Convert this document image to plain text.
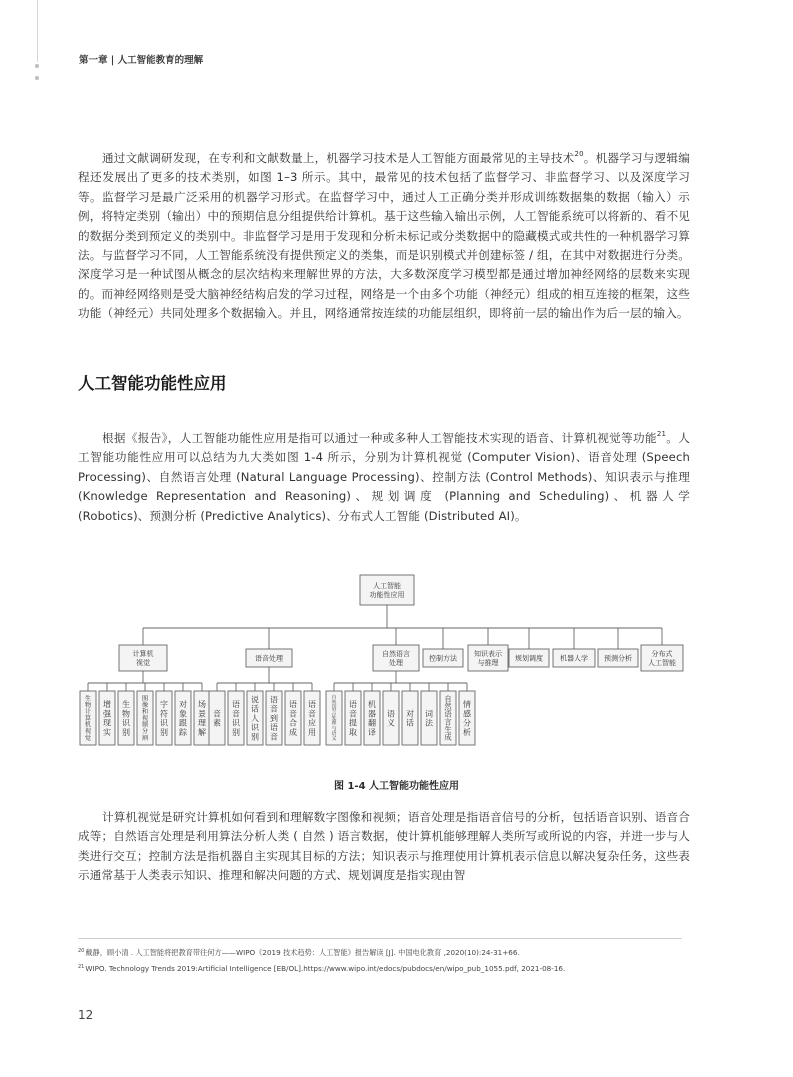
第一章 | 人工智能教育的理解

通过文献调研发现，在专利和文献数量上，机器学习技术是人工智能方面最常见的主导技术$^{20}$。机器学习与逻辑编程还发展出了更多的技术类别，如图 1–3 所示。其中，最常见的技术包括了监督学习、非监督学习、以及深度学习等。监督学习是最广泛采用的机器学习形式。在监督学习中，通过人工正确分类并形成训练数据集的数据（输入）示例，将特定类别（输出）中的预期信息分组提供给计算机。基于这些输入输出示例，人工智能系统可以将新的、看不见的数据分类到预定义的类别中。非监督学习是用于发现和分析未标记或分类数据中的隐藏模式或共性的一种机器学习算法。与监督学习不同，人工智能系统没有提供预定义的类集，而是识别模式并创建标签 / 组，在其中对数据进行分类。深度学习是一种试图从概念的层次结构来理解世界的方法，大多数深度学习模型都是通过增加神经网络的层数来实现的。而神经网络则是受大脑神经结构启发的学习过程，网络是一个由多个功能（神经元）组成的相互连接的框架，这些功能（神经元）共同处理多个数据输入。并且，网络通常按连续的功能层组织，即将前一层的输出作为后一层的输入。

人工智能功能性应用

根据《报告》，人工智能功能性应用是指可以通过一种或多种人工智能技术实现的语音、计算机视觉等功能$^{21}$。人工智能功能性应用可以总结为九大类如图 1-4 所示，分别为计算机视觉 (Computer Vision)、语音处理 (Speech Processing)、自然语言处理 (Natural Language Processing)、控制方法 (Control Methods)、知识表示与推理 (Knowledge Representation and Reasoning)、规划调度 (Planning and Scheduling)、机器人学 (Robotics)、预测分析 (Predictive Analytics)、分布式人工智能 (Distributed AI)。

人工智能
功能性应用
计算机
视觉
语音处理
自然语言
处理
控制方法
知识表示
与推理
规划调度 机器人学 预测分析
分布式
人工智能
生物计算机视觉
增强现实
生物识别
图像和视频分割
字符识别
对象跟踪
场景理解
音素
语音识别
说话人识别
语音到语音
语音合成
语音应用
自然语言处理与语义
语音提取
机器翻译
语义
对话
词法
自然语言生成
情感分析
图 1-4 人工智能功能性应用

计算机视觉是研究计算机如何看到和理解数字图像和视频；语音处理是指语音信号的分析，包括语音识别、语音合成等；自然语言处理是利用算法分析人类 ( 自然 ) 语言数据，使计算机能够理解人类所写或所说的内容，并进一步与人类进行交互；控制方法是指机器自主实现其目标的方法；知识表示与推理使用计算机表示信息以解决复杂任务，这些表示通常基于人类表示知识、推理和解决问题的方式、规划调度是指实现由智

$^{20}$戴静，顾小清 . 人工智能将把教育带往何方——WIPO《2019 技术趋势：人工智能》报告解读 [J]. 中国电化教育 ,2020(10):24-31+66.
$^{21}$WIPO. Technology Trends 2019:Artificial Intelligence [EB/OL].https://www.wipo.int/edocs/pubdocs/en/wipo_pub_1055.pdf, 2021-08-16.
12
